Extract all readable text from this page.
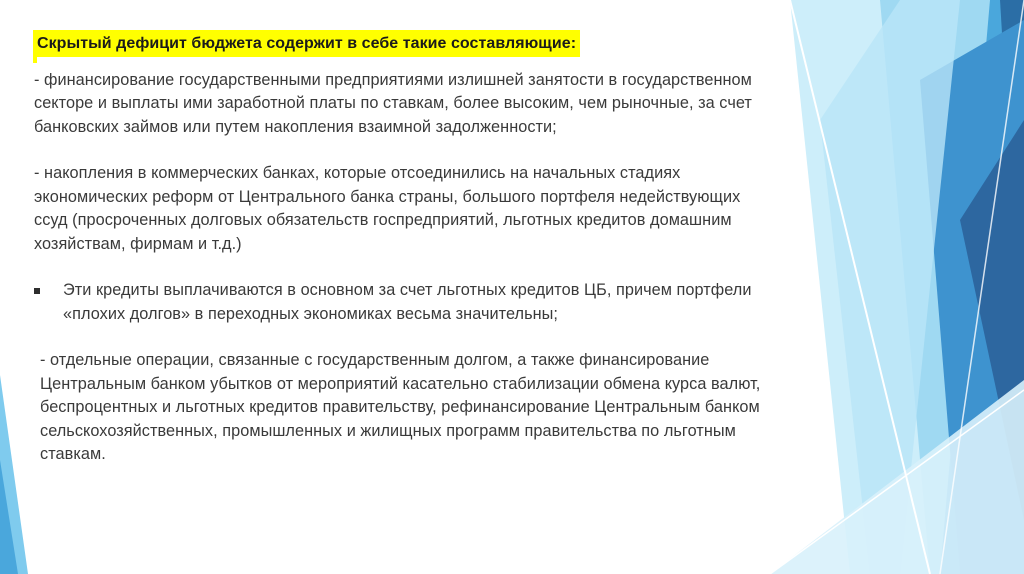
Скрытый дефицит бюджета содержит в себе такие составляющие:

- финансирование государственными предприятиями излишней занятости в государственном секторе и выплаты ими заработной платы по ставкам, более высоким, чем рыночные, за счет банковских займов или путем накопления взаимной задолженности;

- накопления в коммерческих банках, которые отсоединились на начальных стадиях экономических реформ от Центрального банка страны, большого портфеля недействующих ссуд (просроченных долговых обязательств госпредприятий, льготных кредитов домашним хозяйствам, фирмам и т.д.)

Эти кредиты выплачиваются в основном за счет льготных кредитов ЦБ, причем портфели «плохих долгов» в переходных экономиках весьма значительны;

- отдельные операции, связанные с государственным долгом, а также финансирование Центральным банком убытков от мероприятий касательно стабилизации обмена курса валют, беспроцентных и льготных кредитов правительству, рефинансирование Центральным банком сельскохозяйственных, промышленных и жилищных программ правительства по льготным ставкам.
